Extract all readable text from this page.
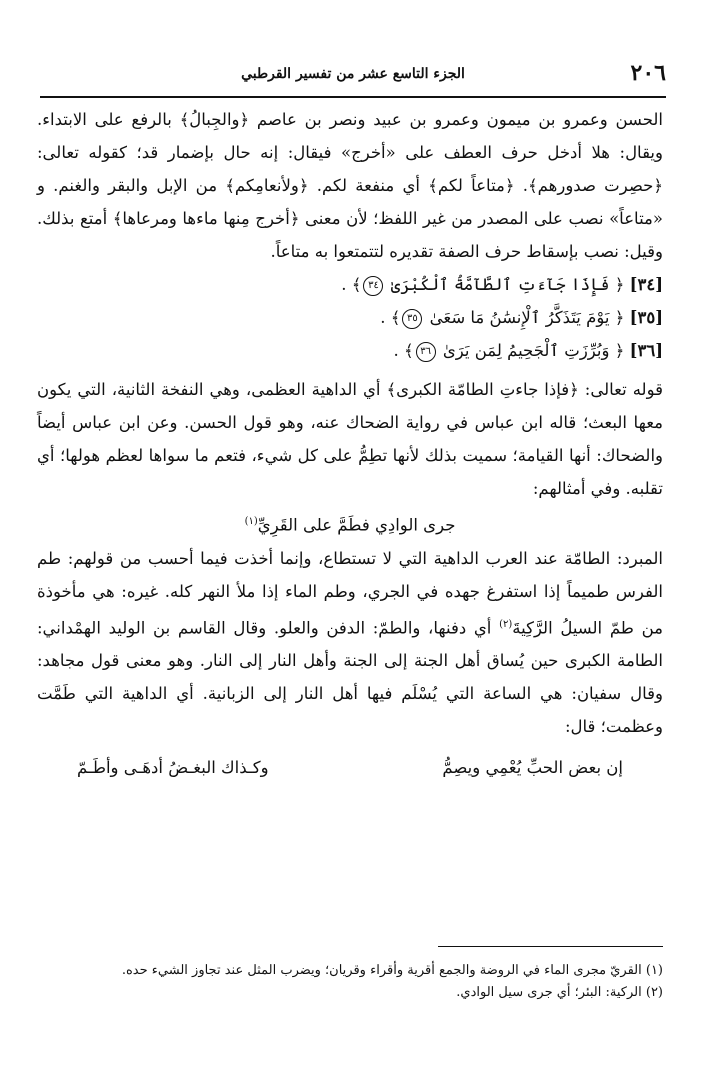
٢٠٦
الجزء التاسع عشر من تفسير القرطبي

الحسن وعمرو بن ميمون وعمرو بن عبيد ونصر بن عاصم ﴿والجِبالُ﴾ بالرفع على الابتداء. ويقال: هلا أدخل حرف العطف على «أخرج» فيقال: إنه حال بإضمار قد؛ كقوله تعالى: ﴿حصِرت صدورهم﴾. ﴿متاعاً لكم﴾ أي منفعة لكم. ﴿ولأنعامِكم﴾ من الإبل والبقر والغنم. و «متاعاً» نصب على المصدر من غير اللفظ؛ لأن معنى ﴿أخرج مِنها ماءها ومرعاها﴾ أمتع بذلك. وقيل: نصب بإسقاط حرف الصفة تقديره لتتمتعوا به متاعاً.

[٣٤] ﴿ فَإِذَا جَآءَتِ ٱلطَّآمَّةُ ٱلْكُبْرَىٰ ٣٤﴾ .

[٣٥] ﴿ يَوْمَ يَتَذَكَّرُ ٱلْإِنسَٰنُ مَا سَعَىٰ ٣٥﴾ .

[٣٦] ﴿ وَبُرِّزَتِ ٱلْجَحِيمُ لِمَن يَرَىٰ ٣٦﴾ .

قوله تعالى: ﴿فإذا جاءتِ الطامّة الكبرى﴾ أي الداهية العظمى، وهي النفخة الثانية، التي يكون معها البعث؛ قاله ابن عباس في رواية الضحاك عنه، وهو قول الحسن. وعن ابن عباس أيضاً والضحاك: أنها القيامة؛ سميت بذلك لأنها تطِمُّ على كل شيء، فتعم ما سواها لعظم هولها؛ أي تقلبه. وفي أمثالهم:

جرى الوادِي فطَمَّ على القَرِيِّ$^{(١)}$

المبرد: الطامّة عند العرب الداهية التي لا تستطاع، وإنما أخذت فيما أحسب من قولهم: طم الفرس طميماً إذا استفرغ جهده في الجري، وطم الماء إذا ملأ النهر كله. غيره: هي مأخوذة من طمّ السيلُ الرَّكِيةَ$^{(٢)}$ أي دفنها، والطمّ: الدفن والعلو. وقال القاسم بن الوليد الهمْداني: الطامة الكبرى حين يُساق أهل الجنة إلى الجنة وأهل النار إلى النار. وهو معنى قول مجاهد: وقال سفيان: هي الساعة التي يُسْلَم فيها أهل النار إلى الزبانية. أي الداهية التي طَمَّت وعظمت؛ قال:

إن بعض الحبِّ يُعْمِي ويصِمُّ
وكـذاك البغـضُ أدهَـى وأطَـمّ

(١) القريّ مجرى الماء في الروضة والجمع أقرية وأقراء وقريان؛ ويضرب المثل عند تجاوز الشيء حده.

(٢) الركية: البئر؛ أي جرى سيل الوادي.
